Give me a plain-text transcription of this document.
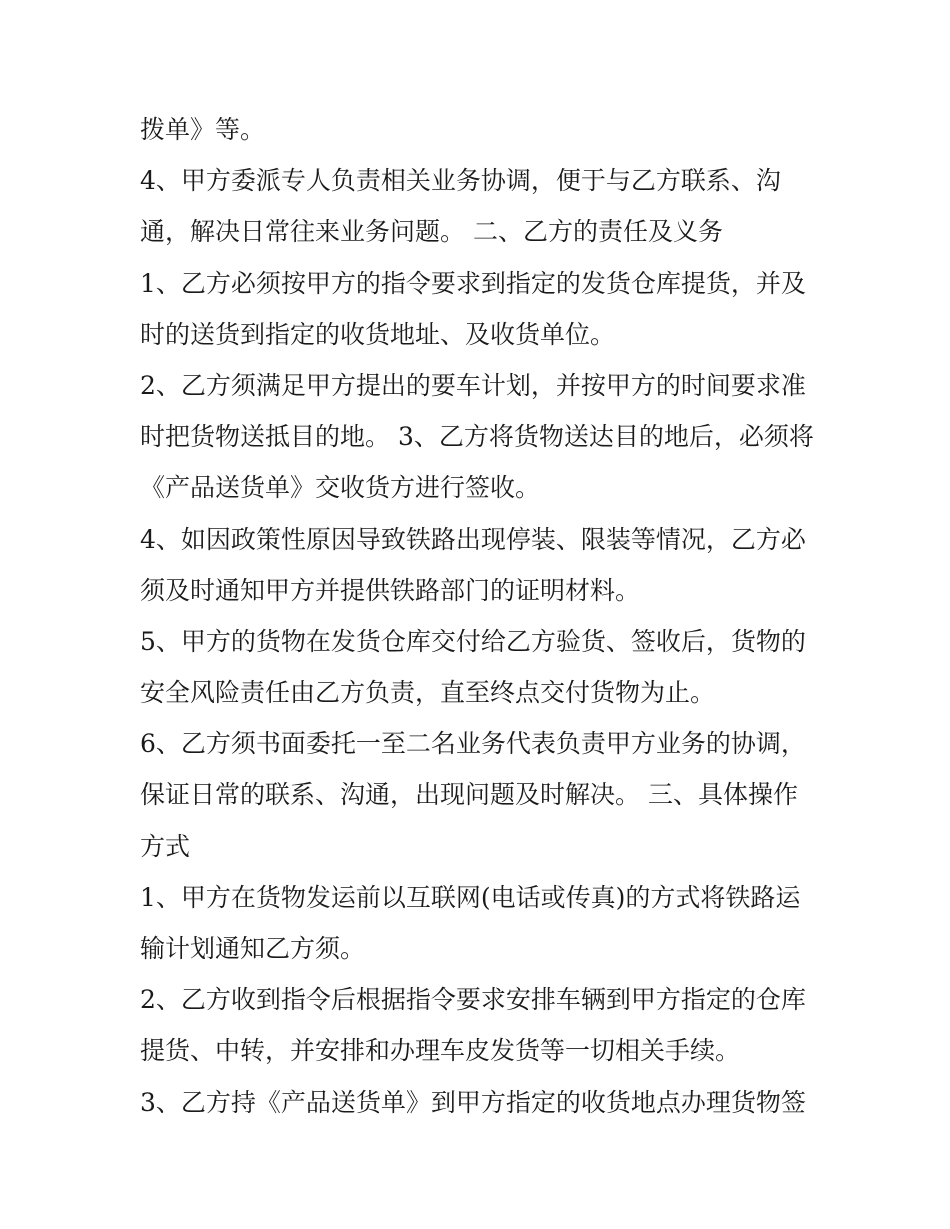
拨单》等。
4、甲方委派专人负责相关业务协调，便于与乙方联系、沟
通，解决日常往来业务问题。 二、乙方的责任及义务
1、乙方必须按甲方的指令要求到指定的发货仓库提货，并及
时的送货到指定的收货地址、及收货单位。
2、乙方须满足甲方提出的要车计划，并按甲方的时间要求准
时把货物送抵目的地。 3、乙方将货物送达目的地后，必须将
《产品送货单》交收货方进行签收。
4、如因政策性原因导致铁路出现停装、限装等情况，乙方必
须及时通知甲方并提供铁路部门的证明材料。
5、甲方的货物在发货仓库交付给乙方验货、签收后，货物的
安全风险责任由乙方负责，直至终点交付货物为止。
6、乙方须书面委托一至二名业务代表负责甲方业务的协调，
保证日常的联系、沟通，出现问题及时解决。 三、具体操作
方式
1、甲方在货物发运前以互联网(电话或传真)的方式将铁路运
输计划通知乙方须。
2、乙方收到指令后根据指令要求安排车辆到甲方指定的仓库
提货、中转，并安排和办理车皮发货等一切相关手续。
3、乙方持《产品送货单》到甲方指定的收货地点办理货物签
